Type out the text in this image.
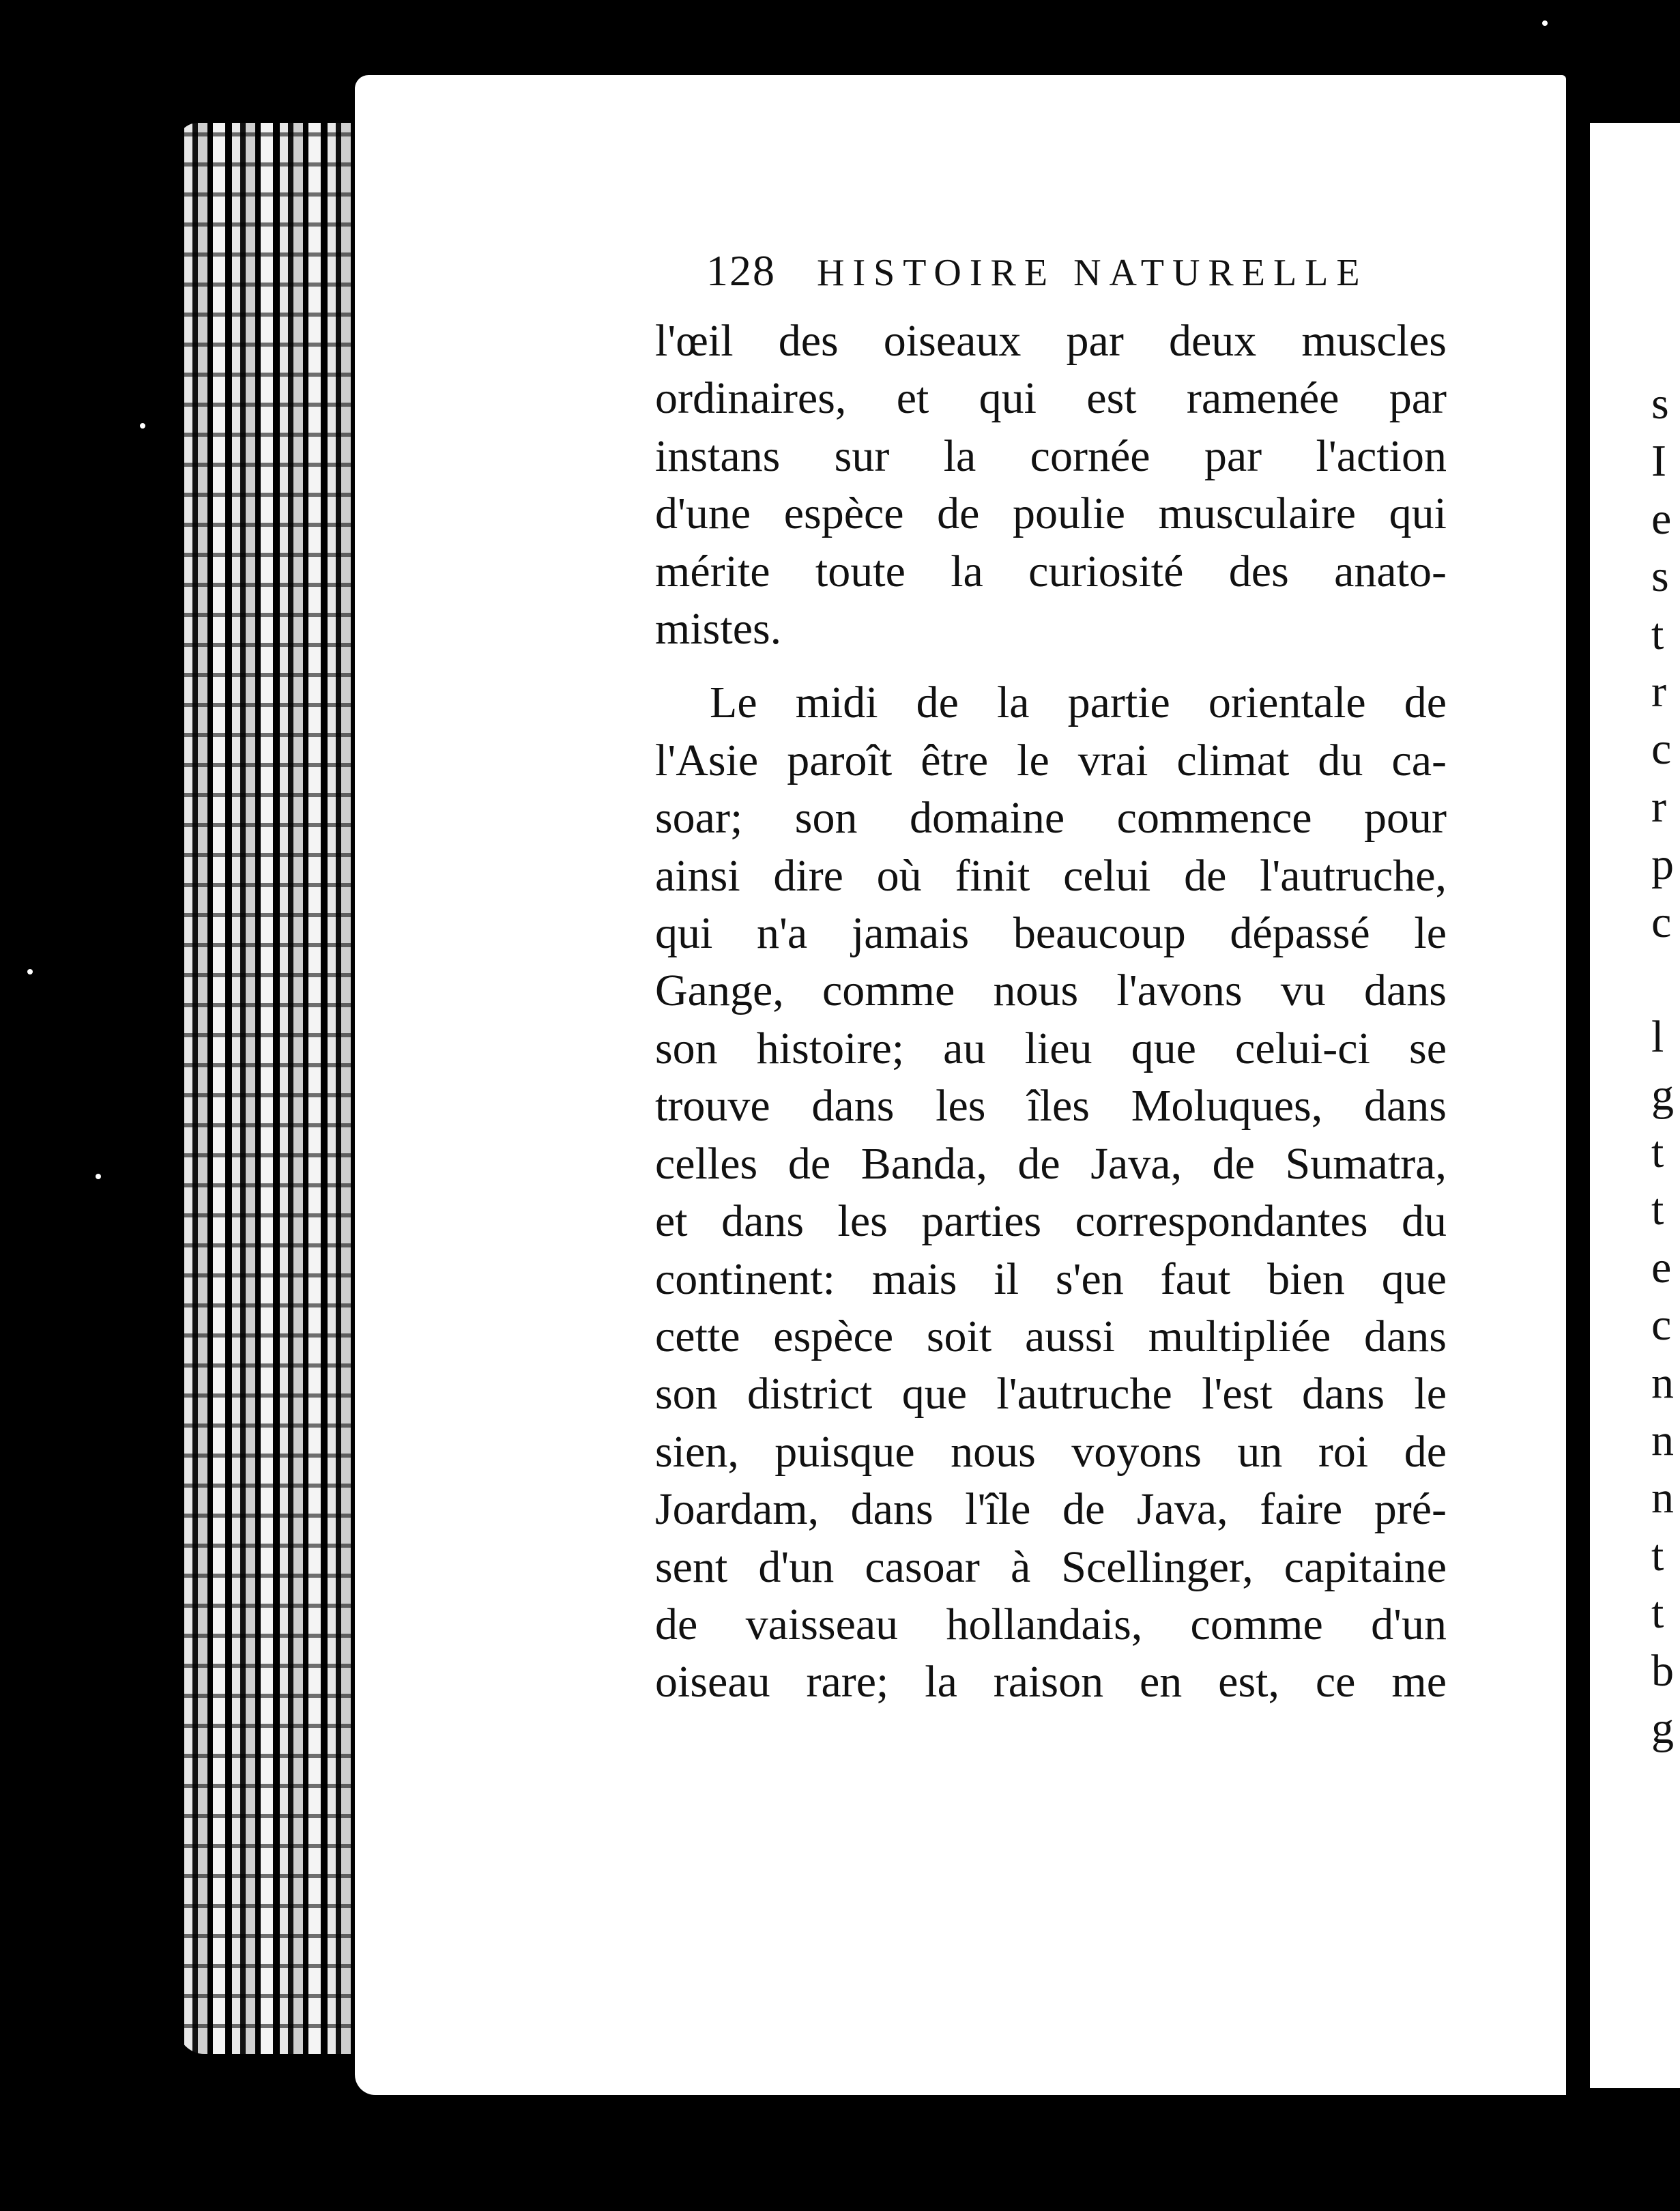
128 HISTOIRE NATURELLE
l'œil des oiseaux par deux muscles
ordinaires, et qui est ramenée par
instans sur la cornée par l'action
d'une espèce de poulie musculaire qui
mérite toute la curiosité des anato-
mistes.
Le midi de la partie orientale de
l'Asie paroît être le vrai climat du ca-
soar; son domaine commence pour
ainsi dire où finit celui de l'autruche,
qui n'a jamais beaucoup dépassé le
Gange, comme nous l'avons vu dans
son histoire; au lieu que celui-ci se
trouve dans les îles Moluques, dans
celles de Banda, de Java, de Sumatra,
et dans les parties correspondantes du
continent: mais il s'en faut bien que
cette espèce soit aussi multipliée dans
son district que l'autruche l'est dans le
sien, puisque nous voyons un roi de
Joardam, dans l'île de Java, faire pré-
sent d'un casoar à Scellinger, capitaine
de vaisseau hollandais, comme d'un
oiseau rare; la raison en est, ce me
s
I
e
s
t
r
c
r
p
c
l
g
t
t
e
c
n
n
n
t
t
b
g
